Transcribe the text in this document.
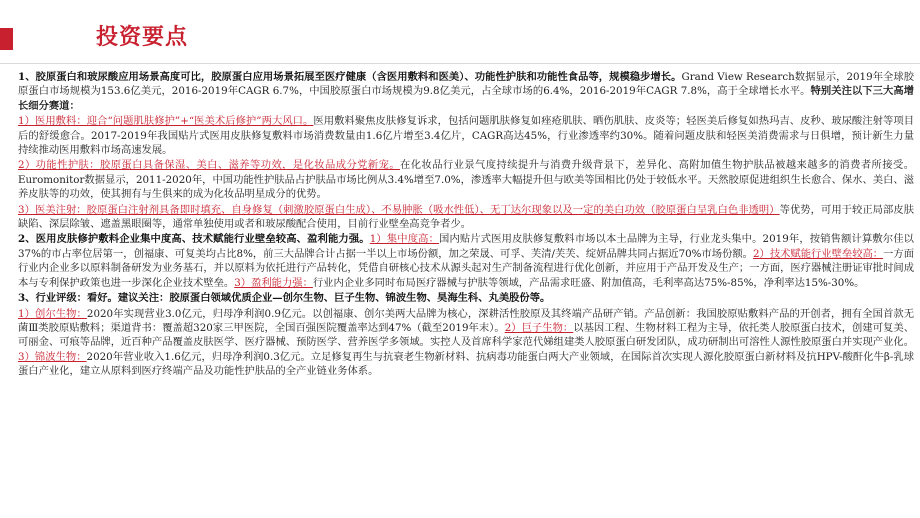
投资要点

1、胶原蛋白和玻尿酸应用场景高度可比，胶原蛋白应用场景拓展至医疗健康（含医用敷料和医美）、功能性护肤和功能性食品等，规模稳步增长。Grand View Research数据显示，2019年全球胶原蛋白市场规模为153.6亿美元，2016-2019年CAGR 6.7%，中国胶原蛋白市场规模为9.8亿美元，占全球市场的6.4%，2016-2019年CAGR 7.8%，高于全球增长水平。特别关注以下三大高增长细分赛道：

1）医用敷料：迎合“问题肌肤修护”+“医美术后修护”两大风口。医用敷料聚焦皮肤修复诉求，包括问题肌肤修复如痤疮肌肤、晒伤肌肤、皮炎等；轻医美后修复如热玛吉、皮秒、玻尿酸注射等项目后的舒缓愈合。2017-2019年我国贴片式医用皮肤修复敷料市场消费数量由1.6亿片增至3.4亿片，CAGR高达45%，行业渗透率约30%。随着问题皮肤和轻医美消费需求与日俱增，预计新生力量持续推动医用敷料市场高速发展。

2）功能性护肤：胶原蛋白具备保湿、美白、滋养等功效，是化妆品成分党新宠。在化妆品行业景气度持续提升与消费升级背景下，差异化、高附加值生物护肤品被越来越多的消费者所接受。Euromonitor数据显示，2011-2020年，中国功能性护肤品占护肤品市场比例从3.4%增至7.0%，渗透率大幅提升但与欧美等国相比仍处于较低水平。天然胶原促进组织生长愈合、保水、美白、滋养皮肤等的功效，使其拥有与生俱来的成为化妆品明星成分的优势。

3）医美注射：胶原蛋白注射剂具备即时填充、自身修复（刺激胶原蛋白生成）、不易肿胀（吸水性低）、无丁达尔现象以及一定的美白功效（胶原蛋白呈乳白色非透明）等优势，可用于较正局部皮肤缺陷、深层除皱、遮盖黑眼圈等，通常单独使用或者和玻尿酸配合使用，目前行业壁垒高竞争者少。

2、医用皮肤修护敷料企业集中度高、技术赋能行业壁垒较高、盈利能力强。1）集中度高：国内贴片式医用皮肤修复敷料市场以本土品牌为主导，行业龙头集中。2019年，按销售额计算敷尔佳以37%的市占率位居第一，创福康、可复美均占比8%，前三大品牌合计占据一半以上市场份额，加之荣晟、可孚、芙清/芙芙、绽妍品牌共同占据近70%市场份额。2）技术赋能行业壁垒较高：一方面行业内企业多以原料制备研发为业务基石，并以原料为依托进行产品转化，凭借自研核心技术从源头起对生产制备流程进行优化创新，并应用于产品开发及生产；一方面，医疗器械注册证审批时间成本与专利保护政策也进一步深化企业技术壁垒。3）盈利能力强：行业内企业多同时布局医疗器械与护肤等领域，产品需求旺盛、附加值高，毛利率高达75%-85%，净利率达15%-30%。

3、行业评级：看好。建议关注：胶原蛋白领域优质企业—创尔生物、巨子生物、锦波生物、昊海生科、丸美股份等。

1）创尔生物：2020年实现营业3.0亿元，归母净利润0.9亿元。以创福康、创尔美两大品牌为核心，深耕活性胶原及其终端产品研产销。产品创新：我国胶原贴敷料产品的开创者，拥有全国首款无菌Ⅲ类胶原贴敷料；渠道背书：覆盖超320家三甲医院，全国百强医院覆盖率达到47%（截至2019年末）。2）巨子生物：以基因工程、生物材料工程为主导，依托类人胶原蛋白技术，创建可复美、可丽金、可痕等品牌，近百种产品覆盖皮肤医学、医疗器械、预防医学、营养医学多领域。实控人及首席科学家范代娣组建类人胶原蛋白研发团队，成功研制出可溶性人源性胶原蛋白并实现产业化。3）锦波生物：2020年营业收入1.6亿元，归母净利润0.3亿元。立足修复再生与抗衰老生物新材料、抗病毒功能蛋白两大产业领域，在国际首次实现人源化胶原蛋白新材料及抗HPV-酸酐化牛β-乳球蛋白产业化，建立从原料到医疗终端产品及功能性护肤品的全产业链业务体系。
